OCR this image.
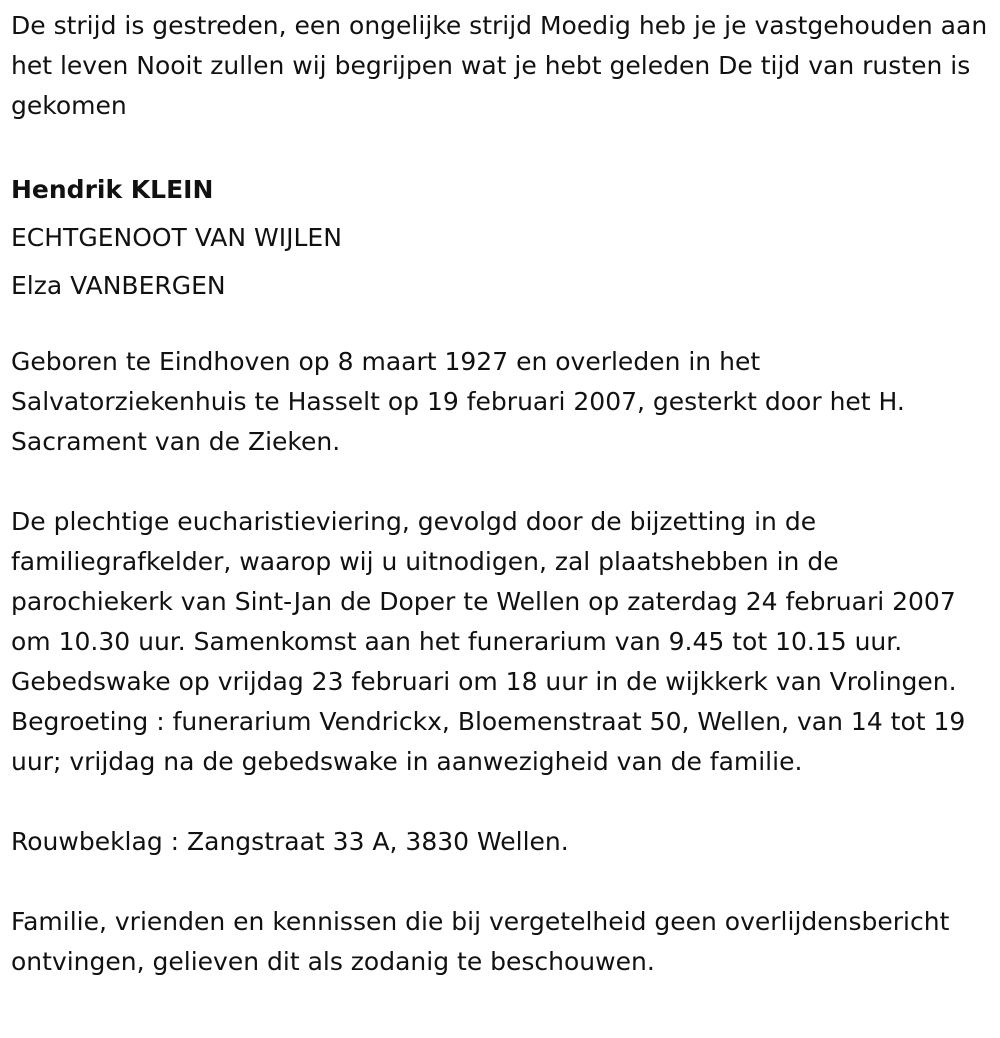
De strijd is gestreden, een ongelijke strijd Moedig heb je je vastgehouden aan het leven Nooit zullen wij begrijpen wat je hebt geleden De tijd van rusten is gekomen

Hendrik KLEIN

ECHTGENOOT VAN WIJLEN

Elza VANBERGEN

Geboren te Eindhoven op 8 maart 1927 en overleden in het Salvatorziekenhuis te Hasselt op 19 februari 2007, gesterkt door het H. Sacrament van de Zieken.

De plechtige eucharistieviering, gevolgd door de bijzetting in de familiegrafkelder, waarop wij u uitnodigen, zal plaatshebben in de parochiekerk van Sint-Jan de Doper te Wellen op zaterdag 24 februari 2007 om 10.30 uur. Samenkomst aan het funerarium van 9.45 tot 10.15 uur. Gebedswake op vrijdag 23 februari om 18 uur in de wijkkerk van Vrolingen. Begroeting : funerarium Vendrickx, Bloemenstraat 50, Wellen, van 14 tot 19 uur; vrijdag na de gebedswake in aanwezigheid van de familie.

Rouwbeklag : Zangstraat 33 A, 3830 Wellen.

Familie, vrienden en kennissen die bij vergetelheid geen overlijdensbericht ontvingen, gelieven dit als zodanig te beschouwen.
